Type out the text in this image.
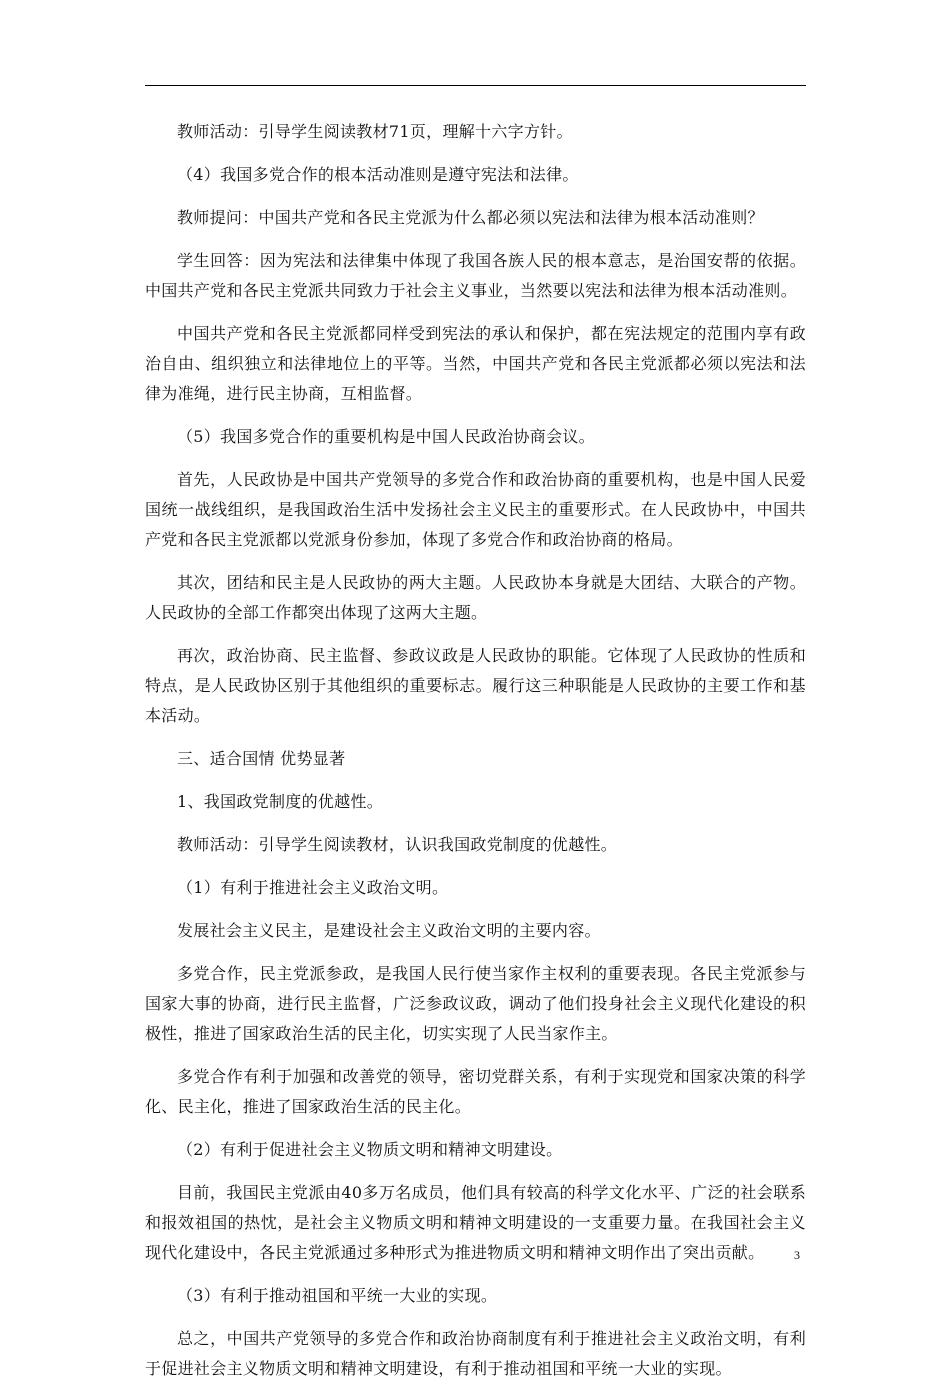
教师活动：引导学生阅读教材71页，理解十六字方针。

（4）我国多党合作的根本活动准则是遵守宪法和法律。

教师提问：中国共产党和各民主党派为什么都必须以宪法和法律为根本活动准则？

学生回答：因为宪法和法律集中体现了我国各族人民的根本意志，是治国安帮的依据。中国共产党和各民主党派共同致力于社会主义事业，当然要以宪法和法律为根本活动准则。

中国共产党和各民主党派都同样受到宪法的承认和保护，都在宪法规定的范围内享有政治自由、组织独立和法律地位上的平等。当然，中国共产党和各民主党派都必须以宪法和法律为准绳，进行民主协商，互相监督。

（5）我国多党合作的重要机构是中国人民政治协商会议。

首先，人民政协是中国共产党领导的多党合作和政治协商的重要机构，也是中国人民爱国统一战线组织，是我国政治生活中发扬社会主义民主的重要形式。在人民政协中，中国共产党和各民主党派都以党派身份参加，体现了多党合作和政治协商的格局。

其次，团结和民主是人民政协的两大主题。人民政协本身就是大团结、大联合的产物。人民政协的全部工作都突出体现了这两大主题。

再次，政治协商、民主监督、参政议政是人民政协的职能。它体现了人民政协的性质和特点，是人民政协区别于其他组织的重要标志。履行这三种职能是人民政协的主要工作和基本活动。

三、适合国情 优势显著

1、我国政党制度的优越性。

教师活动：引导学生阅读教材，认识我国政党制度的优越性。

（1）有利于推进社会主义政治文明。

发展社会主义民主，是建设社会主义政治文明的主要内容。

多党合作，民主党派参政，是我国人民行使当家作主权利的重要表现。各民主党派参与国家大事的协商，进行民主监督，广泛参政议政，调动了他们投身社会主义现代化建设的积极性，推进了国家政治生活的民主化，切实实现了人民当家作主。

多党合作有利于加强和改善党的领导，密切党群关系，有利于实现党和国家决策的科学化、民主化，推进了国家政治生活的民主化。

（2）有利于促进社会主义物质文明和精神文明建设。

目前，我国民主党派由40多万名成员，他们具有较高的科学文化水平、广泛的社会联系和报效祖国的热忱，是社会主义物质文明和精神文明建设的一支重要力量。在我国社会主义现代化建设中，各民主党派通过多种形式为推进物质文明和精神文明作出了突出贡献。

（3）有利于推动祖国和平统一大业的实现。

总之，中国共产党领导的多党合作和政治协商制度有利于推进社会主义政治文明，有利于促进社会主义物质文明和精神文明建设，有利于推动祖国和平统一大业的实现。

3
